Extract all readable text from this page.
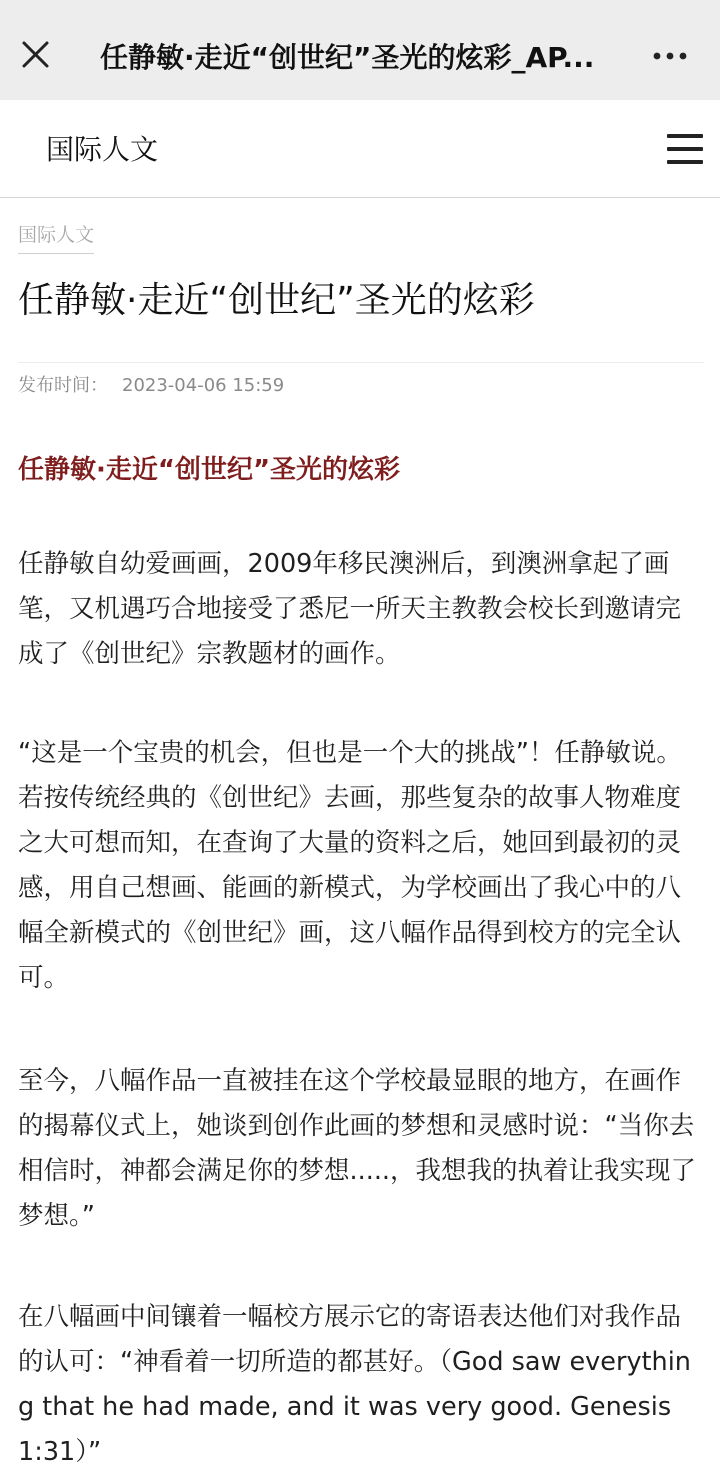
任静敏·走近“创世纪”圣光的炫彩_AP...
国际人文
国际人文
任静敏·走近“创世纪”圣光的炫彩
发布时间： 2023-04-06 15:59
任静敏·走近“创世纪”圣光的炫彩

任静敏自幼爱画画，2009年移民澳洲后，到澳洲拿起了画笔，又机遇巧合地接受了悉尼一所天主教教会校长到邀请完成了《创世纪》宗教题材的画作。

“这是一个宝贵的机会，但也是一个大的挑战”！任静敏说。若按传统经典的《创世纪》去画，那些复杂的故事人物难度之大可想而知，在查询了大量的资料之后，她回到最初的灵感，用自己想画、能画的新模式，为学校画出了我心中的八幅全新模式的《创世纪》画，这八幅作品得到校方的完全认可。

至今，八幅作品一直被挂在这个学校最显眼的地方，在画作的揭幕仪式上，她谈到创作此画的梦想和灵感时说：“当你去相信时，神都会满足你的梦想.....，我想我的执着让我实现了梦想。”

在八幅画中间镶着一幅校方展示它的寄语表达他们对我作品的认可：“神看着一切所造的都甚好。（God saw everything that he had made, and it was very good. Genesis 1:31）”
